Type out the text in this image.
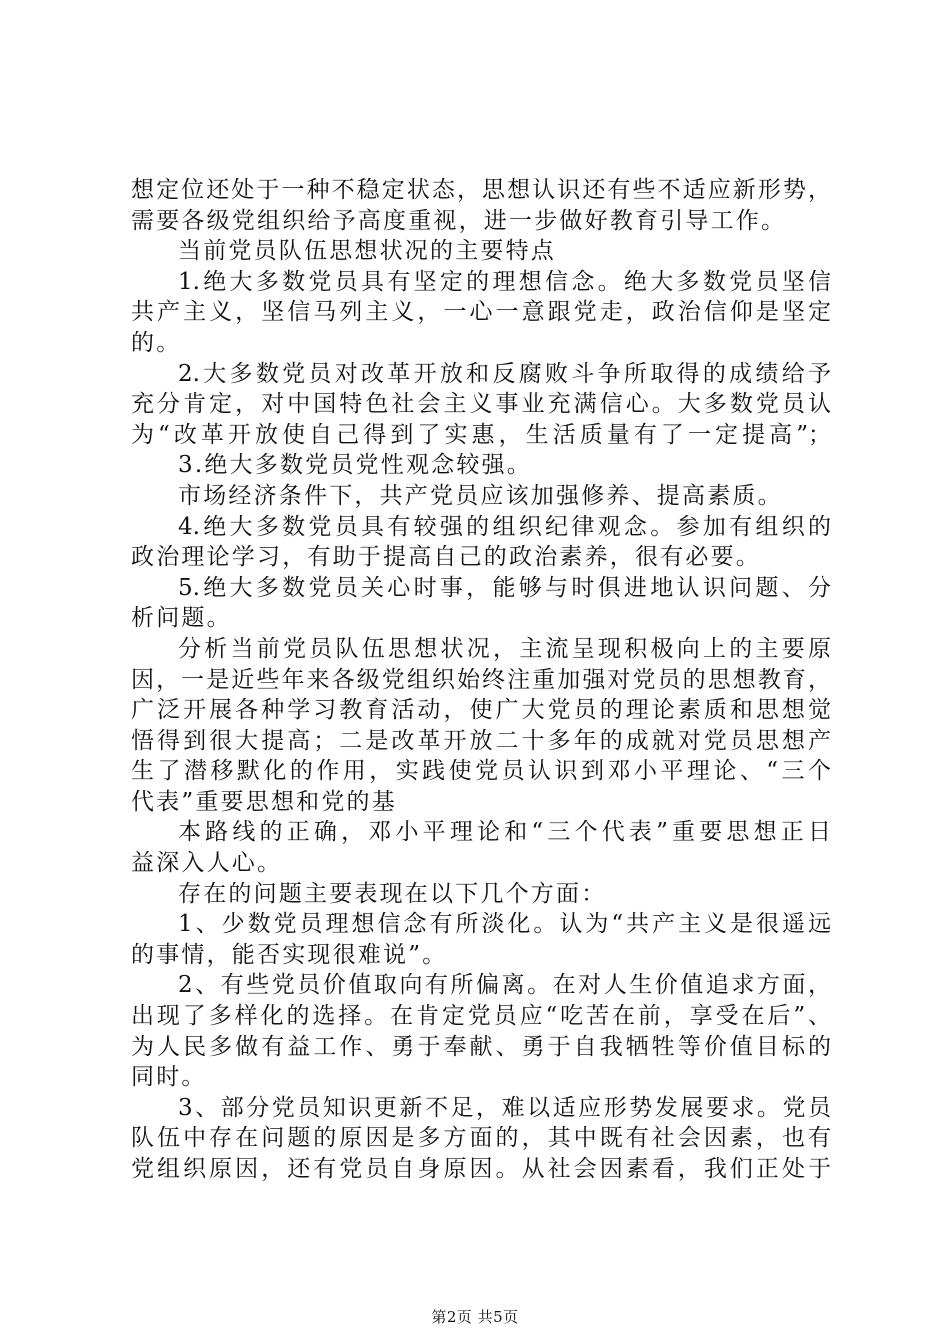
想定位还处于一种不稳定状态，思想认识还有些不适应新形势，
需要各级党组织给予高度重视，进一步做好教育引导工作。
当前党员队伍思想状况的主要特点
1.绝大多数党员具有坚定的理想信念。绝大多数党员坚信
共产主义，坚信马列主义，一心一意跟党走，政治信仰是坚定
的。
2.大多数党员对改革开放和反腐败斗争所取得的成绩给予
充分肯定，对中国特色社会主义事业充满信心。大多数党员认
为“改革开放使自己得到了实惠，生活质量有了一定提高”；
3.绝大多数党员党性观念较强。
市场经济条件下，共产党员应该加强修养、提高素质。
4.绝大多数党员具有较强的组织纪律观念。参加有组织的
政治理论学习，有助于提高自己的政治素养，很有必要。
5.绝大多数党员关心时事，能够与时俱进地认识问题、分
析问题。
分析当前党员队伍思想状况，主流呈现积极向上的主要原
因，一是近些年来各级党组织始终注重加强对党员的思想教育，
广泛开展各种学习教育活动，使广大党员的理论素质和思想觉
悟得到很大提高；二是改革开放二十多年的成就对党员思想产
生了潜移默化的作用，实践使党员认识到邓小平理论、“三个
代表”重要思想和党的基
本路线的正确，邓小平理论和“三个代表”重要思想正日
益深入人心。
存在的问题主要表现在以下几个方面：
1、少数党员理想信念有所淡化。认为“共产主义是很遥远
的事情，能否实现很难说”。
2、有些党员价值取向有所偏离。在对人生价值追求方面，
出现了多样化的选择。在肯定党员应“吃苦在前，享受在后”、
为人民多做有益工作、勇于奉献、勇于自我牺牲等价值目标的
同时。
3、部分党员知识更新不足，难以适应形势发展要求。党员
队伍中存在问题的原因是多方面的，其中既有社会因素，也有
党组织原因，还有党员自身原因。从社会因素看，我们正处于
第2页 共5页
